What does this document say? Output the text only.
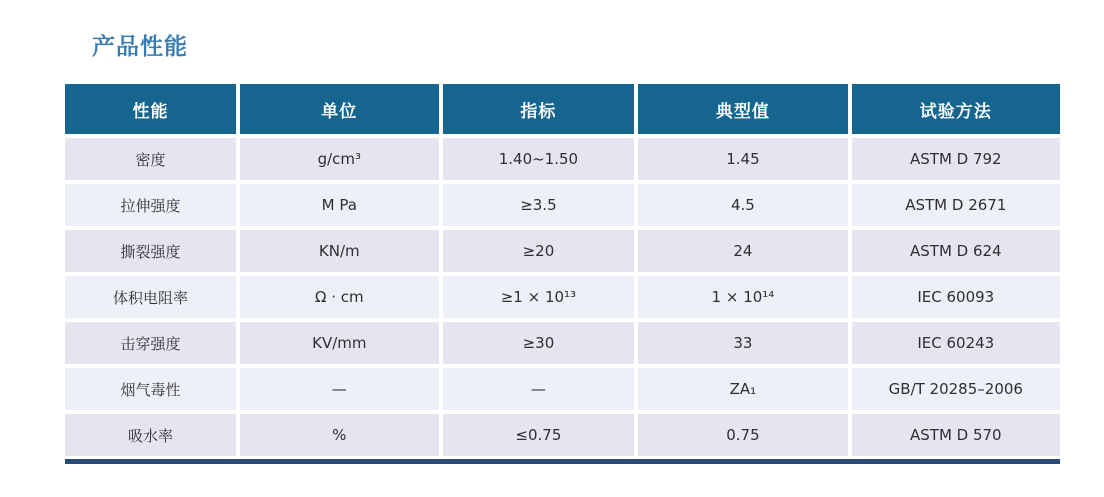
产品性能
性能	单位	指标	典型值	试验方法
密度	g/cm³	1.40~1.50	1.45	ASTM D 792
拉伸强度	M Pa	≥3.5	4.5	ASTM D 2671
撕裂强度	KN/m	≥20	24	ASTM D 624
体积电阻率	Ω · cm	≥1 × 10¹³	1 × 10¹⁴	IEC 60093
击穿强度	KV/mm	≥30	33	IEC 60243
烟气毒性	—	—	ZA₁	GB/T 20285–2006
吸水率	%	≤0.75	0.75	ASTM D 570
